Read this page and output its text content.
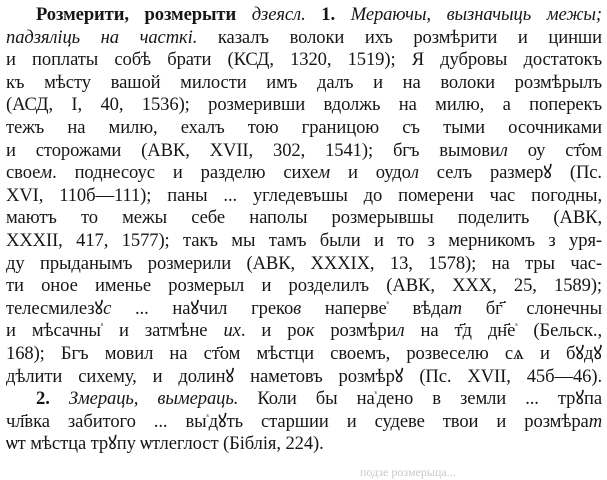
Розмерити, розмерыти дзеясл. 1. Мераючы, вызначыць межы;
падзяліць на часткі. казалъ волоки ихъ розмѣрити и цинши
и поплаты собѣ брати (КСД, 1320, 1519); Я дубровы достатокъ
къ мѣсту вашой милости имъ далъ и на волоки розмѣрылъ
(АСД, І, 40, 1536); розмеривши вдолжь на милю, а поперекъ
тежъ на милю, ехалъ тою границою съ тыми осочниками
и сторожами (АВК, XVII, 302, 1541); бгъ вымовил оу ст҃ом
своем. поднесоус и разделю сихем и оудол селъ размерꙋ (Пс.
XVI, 110б—111); паны ... угледевъшы до померени час погодны,
маютъ то межы себе наполы розмерывшы поделить (АВК,
XXXII, 417, 1577); такъ мы тамъ были и то з мерникомъ з уря-
ду прыданымъ розмерили (АВК, XXXIX, 13, 1578); на тры час-
ти оное именье розмерыл и розделилъ (АВК, XXX, 25, 1589);
телесмилезꙋс ... наꙋчил греков наперве$^ˢ$ вѣдат бг҃ слонечны
и мѣсачны$^ˢ$ и затмѣне их. и рок розмѣрил на т҃д $дн҃е^ˢ$ (Бельск.,
168); Бгъ мовил на ст҃ом мѣстци своемъ, розвеселю сѧ и бꙋдꙋ
дѣлити сихему, и долинꙋ наметовъ розмѣрꙋ (Пс. XVII, 45б—46).
2. Змераць, вымераць. Коли бы $на^ˢдено$ в земли ... трꙋпа
чл҃вка забитого ... $вы^ˢдꙋть$ старшии и судеве твои и розмѣрат
ѡт мѣстца трꙋпу ѡтлеглост (Біблія, 224).
подзе розмерыца...
